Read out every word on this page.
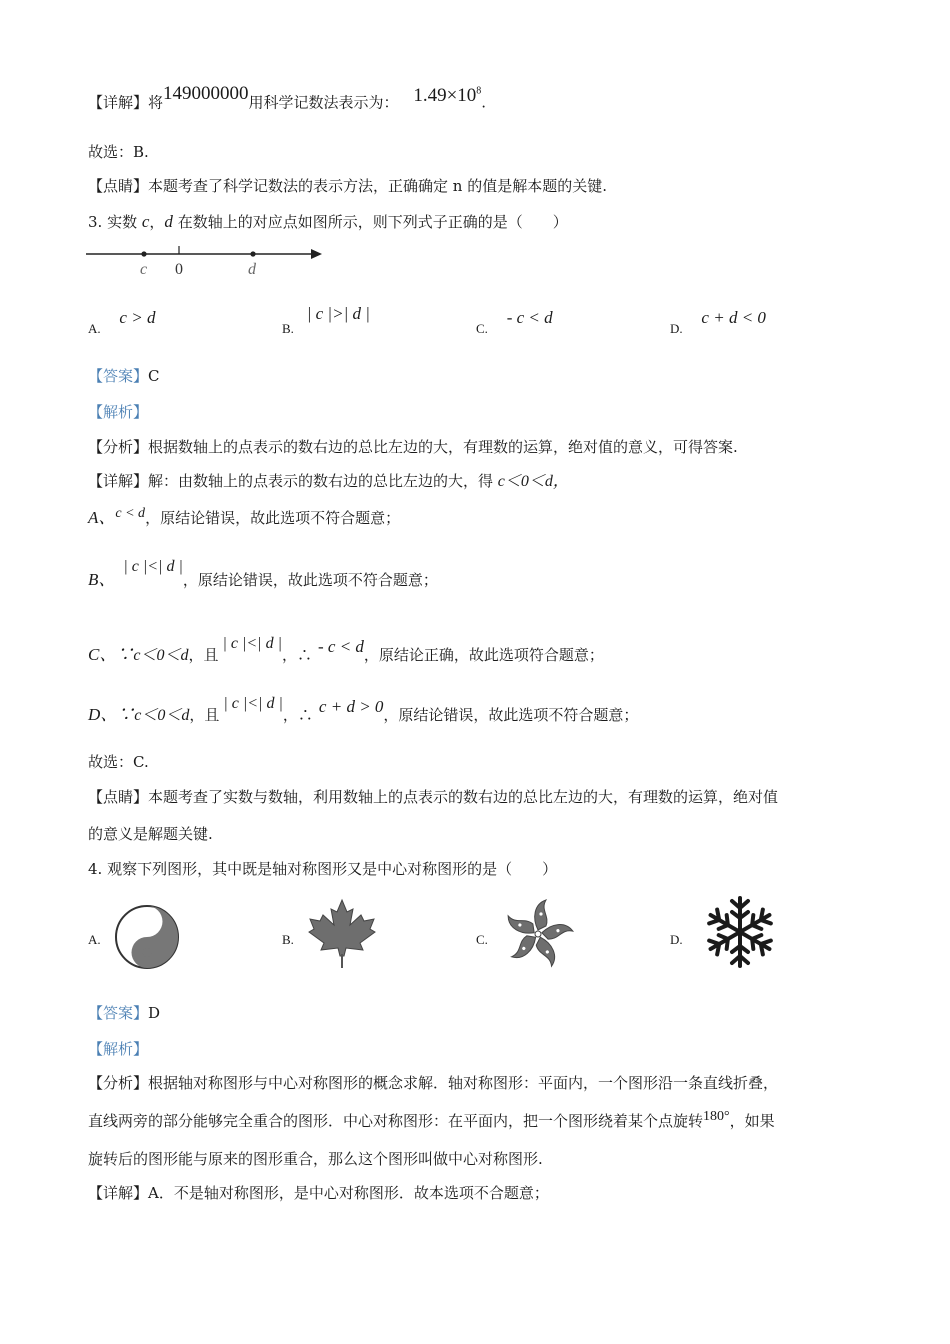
【详解】将149000000用科学记数法表示为： $1.49\times 10^8$.
故选：B.
【点睛】本题考查了科学记数法的表示方法，正确确定 n 的值是解本题的关键.
3. 实数 c，d 在数轴上的对应点如图所示，则下列式子正确的是（　　）
c 0	d
A. c > d
B. | c |>| d |
C. - c < d
D. c + d < 0
【答案】C
【解析】
【分析】根据数轴上的点表示的数右边的总比左边的大，有理数的运算，绝对值的意义，可得答案.
【详解】解：由数轴上的点表示的数右边的总比左边的大，得 c＜0＜d，
A、c < d，原结论错误，故此选项不符合题意；
B、| c |<| d |，原结论错误，故此选项不符合题意；
C、∵c＜0＜d，且| c |<| d |，∴ - c < d，原结论正确，故此选项符合题意；
D、∵c＜0＜d，且| c |<| d |，∴ c + d > 0，原结论错误，故此选项不符合题意；
故选：C.
【点睛】本题考查了实数与数轴，利用数轴上的点表示的数右边的总比左边的大，有理数的运算，绝对值
的意义是解题关键.
4. 观察下列图形，其中既是轴对称图形又是中心对称图形的是（　　）
A.	B.	C.	D.
【答案】D
【解析】
【分析】根据轴对称图形与中心对称图形的概念求解．轴对称图形：平面内，一个图形沿一条直线折叠，
直线两旁的部分能够完全重合的图形．中心对称图形：在平面内，把一个图形绕着某个点旋转180°，如果
旋转后的图形能与原来的图形重合，那么这个图形叫做中心对称图形.
【详解】A．不是轴对称图形，是中心对称图形．故本选项不合题意；
